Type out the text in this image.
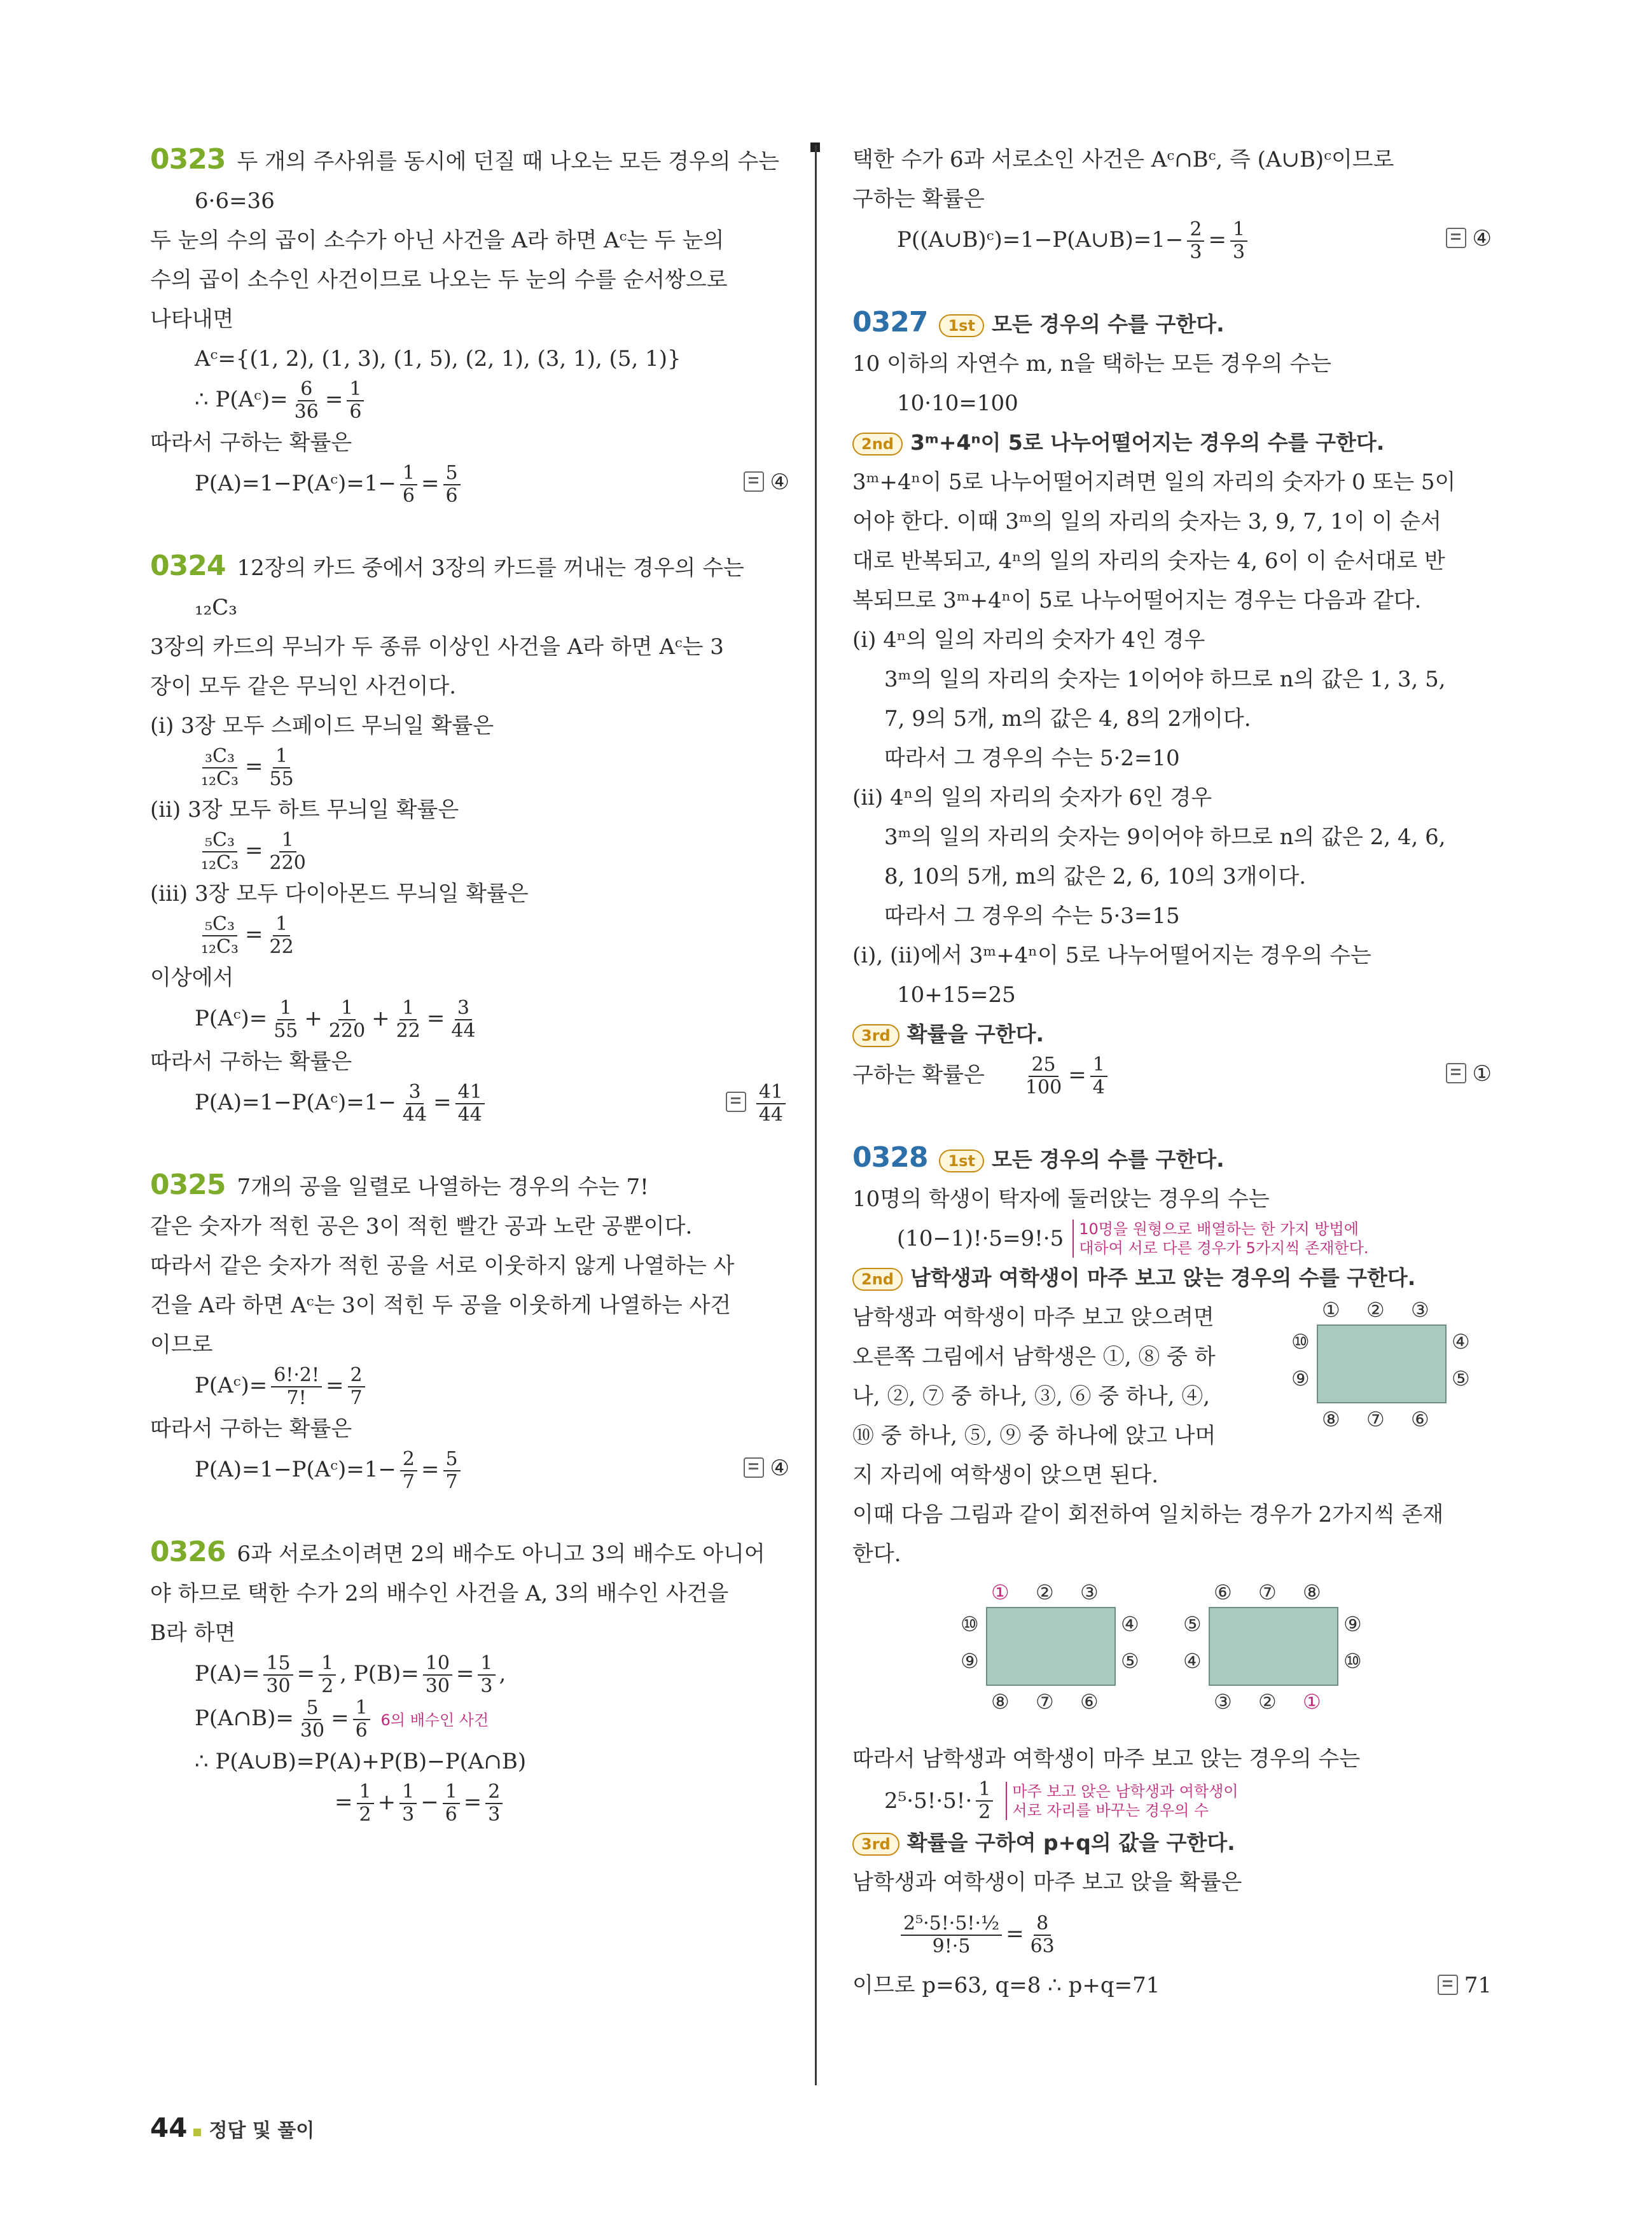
0323 두 개의 주사위를 동시에 던질 때 나오는 모든 경우의 수는
6·6=36
두 눈의 수의 곱이 소수가 아닌 사건을 A라 하면 Aᶜ는 두 눈의
수의 곱이 소수인 사건이므로 나오는 두 눈의 수를 순서쌍으로
나타내면
Aᶜ={(1, 2), (1, 3), (1, 5), (2, 1), (3, 1), (5, 1)}
∴ P(Aᶜ)= $\frac{6}{36} = \frac{1}{6}$
따라서 구하는 확률은
P(A)=1−P(Aᶜ)=1− $\frac{1}{6} = \frac{5}{6}$	④
0324 12장의 카드 중에서 3장의 카드를 꺼내는 경우의 수는
₁₂C₃
3장의 카드의 무늬가 두 종류 이상인 사건을 A라 하면 Aᶜ는 3
장이 모두 같은 무늬인 사건이다.
(ⅰ) 3장 모두 스페이드 무늬일 확률은
$\frac{\text{₃C₃}}{\text{₁₂C₃}} = \frac{1}{55}$
(ⅱ) 3장 모두 하트 무늬일 확률은
$\frac{\text{₅C₃}}{\text{₁₂C₃}} = \frac{1}{220}$
(ⅲ) 3장 모두 다이아몬드 무늬일 확률은
$\frac{\text{₅C₃}}{\text{₁₂C₃}} = \frac{1}{22}$
이상에서
P(Aᶜ)= $\frac{1}{55} + \frac{1}{220} + \frac{1}{22} = \frac{3}{44}$
따라서 구하는 확률은
P(A)=1−P(Aᶜ)=1− $\frac{3}{44} = \frac{41}{44}$	$\frac{41}{44}$
0325 7개의 공을 일렬로 나열하는 경우의 수는 7!
같은 숫자가 적힌 공은 3이 적힌 빨간 공과 노란 공뿐이다.
따라서 같은 숫자가 적힌 공을 서로 이웃하지 않게 나열하는 사
건을 A라 하면 Aᶜ는 3이 적힌 두 공을 이웃하게 나열하는 사건
이므로
P(Aᶜ)= $\frac{6!\cdot 2!}{7!} = \frac{2}{7}$
따라서 구하는 확률은
P(A)=1−P(Aᶜ)=1− $\frac{2}{7} = \frac{5}{7}$	④
0326 6과 서로소이려면 2의 배수도 아니고 3의 배수도 아니어
야 하므로 택한 수가 2의 배수인 사건을 A, 3의 배수인 사건을
B라 하면
$P(A)= \frac{15}{30} = \frac{1}{2}$ , $P(B)= \frac{10}{30} = \frac{1}{3}$ ,
P(A∩B)= $\frac{5}{30} = \frac{1}{6} 6$의 배수인 사건
∴ P(A∪B)=P(A)+P(B)−P(A∩B)
= $\frac{1}{2} + \frac{1}{3} - \frac{1}{6} = \frac{2}{3}$
택한 수가 6과 서로소인 사건은 Aᶜ∩Bᶜ, 즉 (A∪B)ᶜ이므로
구하는 확률은
P((A∪B)ᶜ)=1−P(A∪B)=1− $\frac{2}{3} = \frac{1}{3}$	④
0327 1st 모든 경우의 수를 구한다.
10 이하의 자연수 m, n을 택하는 모든 경우의 수는
10·10=100
2nd 3ᵐ+4ⁿ이 5로 나누어떨어지는 경우의 수를 구한다.
3ᵐ+4ⁿ이 5로 나누어떨어지려면 일의 자리의 숫자가 0 또는 5이
어야 한다. 이때 3ᵐ의 일의 자리의 숫자는 3, 9, 7, 1이 이 순서
대로 반복되고, 4ⁿ의 일의 자리의 숫자는 4, 6이 이 순서대로 반
복되므로 3ᵐ+4ⁿ이 5로 나누어떨어지는 경우는 다음과 같다.
(ⅰ) 4ⁿ의 일의 자리의 숫자가 4인 경우
3ᵐ의 일의 자리의 숫자는 1이어야 하므로 n의 값은 1, 3, 5,
7, 9의 5개, m의 값은 4, 8의 2개이다.
따라서 그 경우의 수는 5·2=10
(ⅱ) 4ⁿ의 일의 자리의 숫자가 6인 경우
3ᵐ의 일의 자리의 숫자는 9이어야 하므로 n의 값은 2, 4, 6,
8, 10의 5개, m의 값은 2, 6, 10의 3개이다.
따라서 그 경우의 수는 5·3=15
(ⅰ), (ⅱ)에서 3ᵐ+4ⁿ이 5로 나누어떨어지는 경우의 수는
10+15=25
3rd 확률을 구한다.
구하는 확률은 $\frac{25}{100} = \frac{1}{4}$	①
0328 1st 모든 경우의 수를 구한다.
10명의 학생이 탁자에 둘러앉는 경우의 수는
(10−1)!·5=9!·5 10명을 원형으로 배열하는 한 가지 방법에
대하여 서로 다른 경우가 5가지씩 존재한다.
2nd 남학생과 여학생이 마주 보고 앉는 경우의 수를 구한다.
남학생과 여학생이 마주 보고 앉으려면
오른쪽 그림에서 남학생은 ①, ⑧ 중 하
나, ②, ⑦ 중 하나, ③, ⑥ 중 하나, ④,
⑩ 중 하나, ⑤, ⑨ 중 하나에 앉고 나머
지 자리에 여학생이 앉으면 된다.
① ② ③
⑩
⑨
④
⑤
⑧ ⑦ ⑥
이때 다음 그림과 같이 회전하여 일치하는 경우가 2가지씩 존재
한다.
① ② ③
⑩
⑨
④
⑤
⑧ ⑦ ⑥
⑥ ⑦ ⑧
⑤
④
⑨
⑩
③ ② ①
따라서 남학생과 여학생이 마주 보고 앉는 경우의 수는
$2^5\cdot 5!\cdot 5!\cdot \frac{1}{2}$ 마주 보고 앉은 남학생과 여학생이
서로 자리를 바꾸는 경우의 수
3rd 확률을 구하여 p+q의 값을 구한다.
남학생과 여학생이 마주 보고 앉을 확률은
$\frac{\text{2⁵·5!·5!·½}}{9!\cdot 5} = \frac{8}{63}$
이므로 p=63, q=8 ∴ p+q=71	71
44 정답 및 풀이
